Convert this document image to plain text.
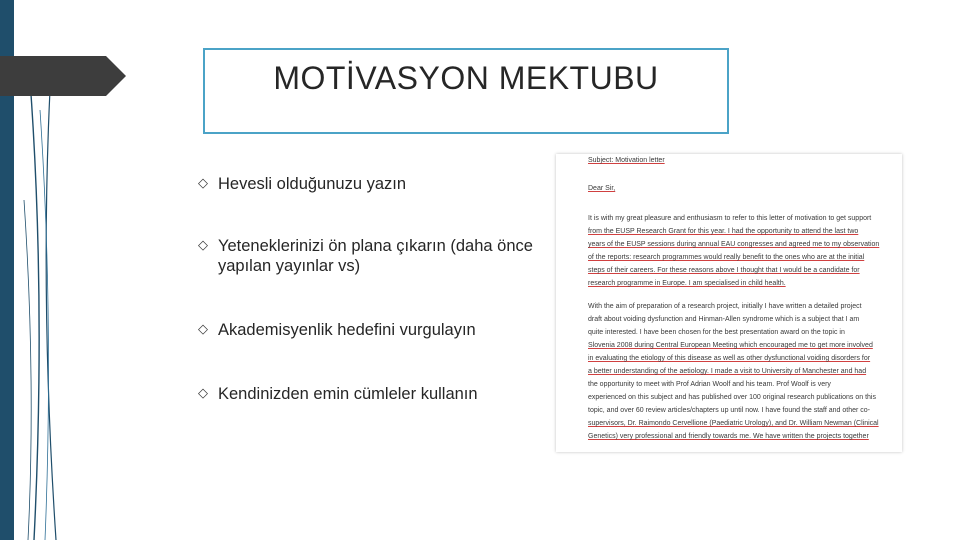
MOTİVASYON MEKTUBU
◇ Hevesli olduğunuzu yazın
◇ Yeteneklerinizi ön plana çıkarın (daha önce yapılan yayınlar vs)
◇ Akademisyenlik hedefini vurgulayın
◇ Kendinizden emin cümleler kullanın
Subject: Motivation letter
Dear Sir,
It is with my great pleasure and enthusiasm to refer to this letter of motivation to get support
from the EUSP Research Grant for this year. I had the opportunity to attend the last two
years of the EUSP sessions during annual EAU congresses and agreed me to my observation
of the reports: research programmes would really benefit to the ones who are at the initial
steps of their careers. For these reasons above I thought that I would be a candidate for
research programme in Europe. I am specialised in child health.
With the aim of preparation of a research project, initially I have written a detailed project
draft about voiding dysfunction and Hinman-Allen syndrome which is a subject that I am
quite interested. I have been chosen for the best presentation award on the topic in
Slovenia 2008 during Central European Meeting which encouraged me to get more involved
in evaluating the etiology of this disease as well as other dysfunctional voiding disorders for
a better understanding of the aetiology. I made a visit to University of Manchester and had
the opportunity to meet with Prof Adrian Woolf and his team. Prof Woolf is very
experienced on this subject and has published over 100 original research publications on this
topic, and over 60 review articles/chapters up until now. I have found the staff and other co-
supervisors, Dr. Raimondo Cervellione (Paediatric Urology), and Dr. William Newman (Clinical
Genetics) very professional and friendly towards me. We have written the projects together
